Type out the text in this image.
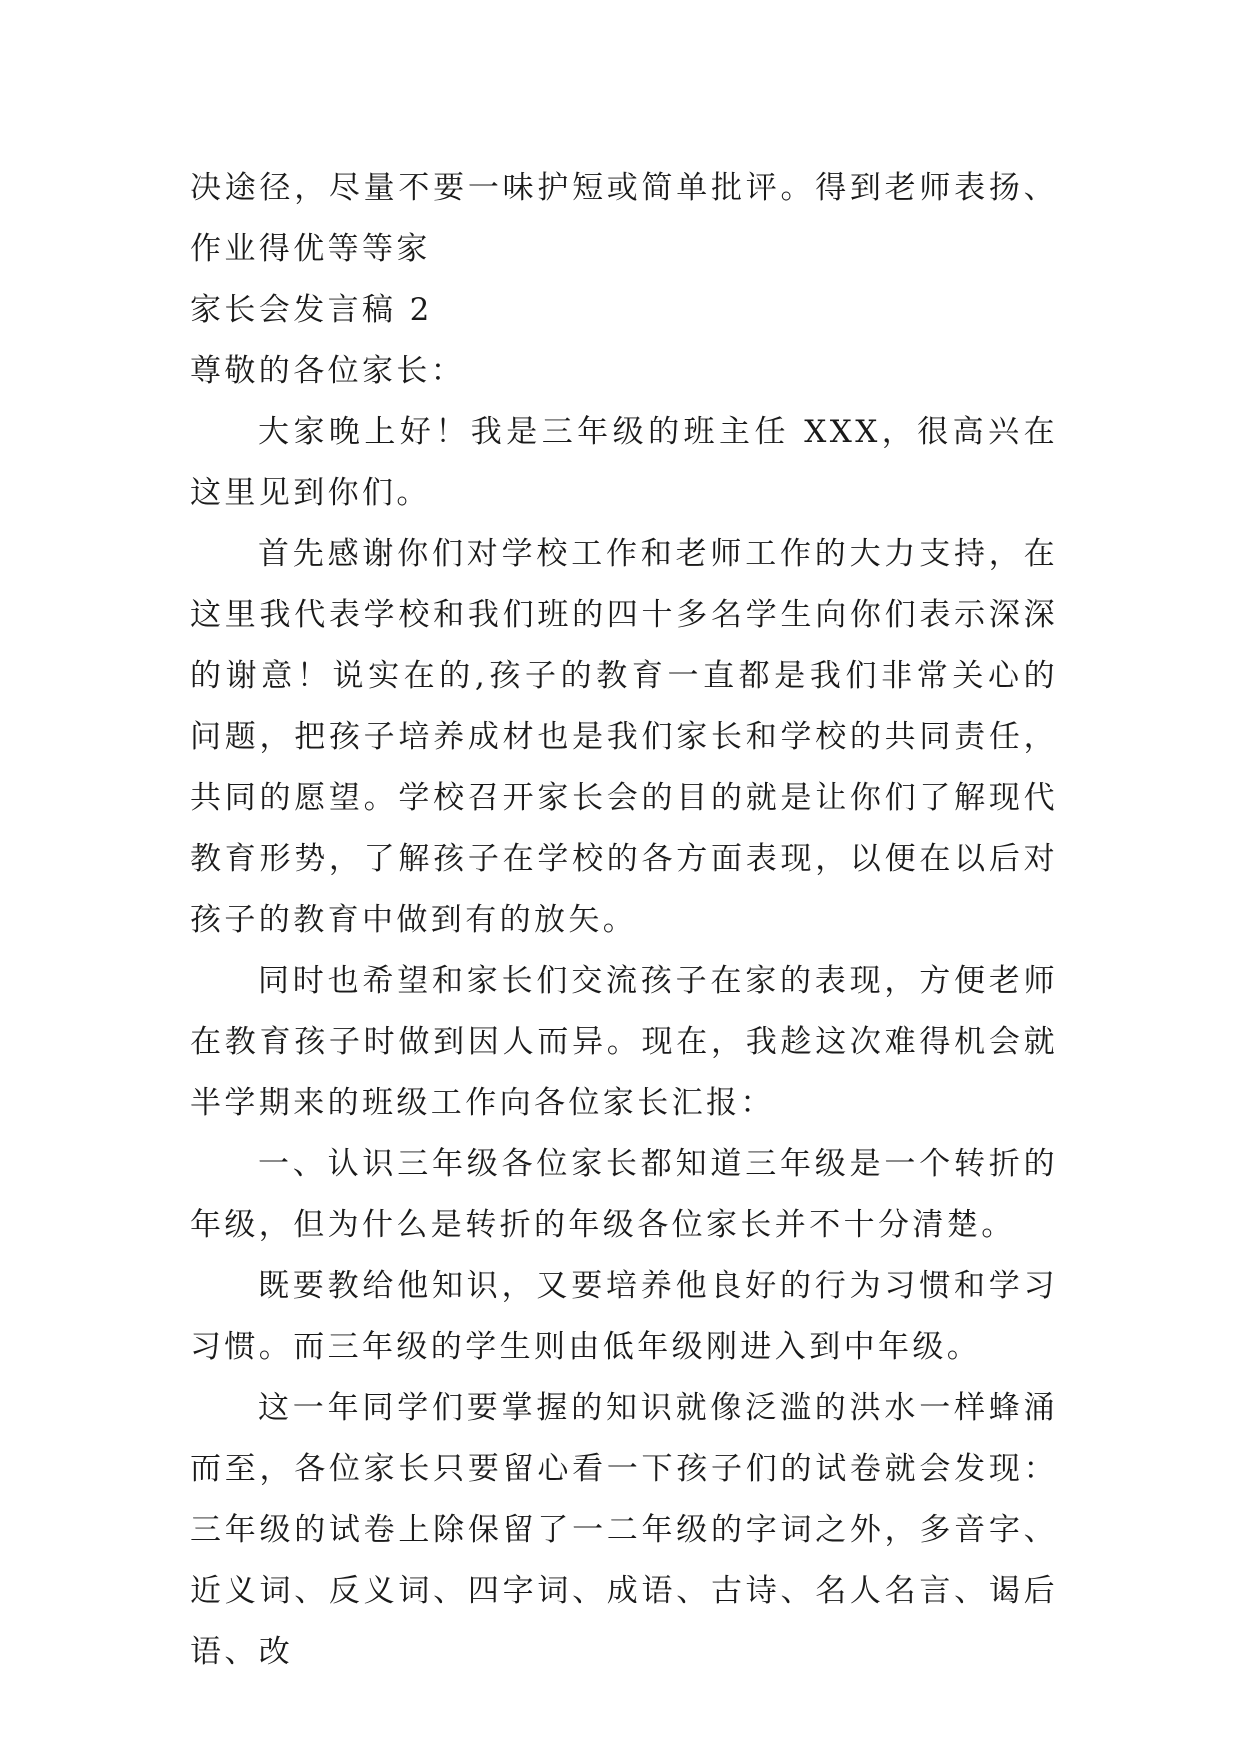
决途径，尽量不要一味护短或简单批评。得到老师表扬、作业得优等等家

家长会发言稿 2

尊敬的各位家长：

大家晚上好！我是三年级的班主任 XXX，很高兴在这里见到你们。

首先感谢你们对学校工作和老师工作的大力支持，在这里我代表学校和我们班的四十多名学生向你们表示深深的谢意！说实在的,孩子的教育一直都是我们非常关心的问题，把孩子培养成材也是我们家长和学校的共同责任，共同的愿望。学校召开家长会的目的就是让你们了解现代教育形势，了解孩子在学校的各方面表现，以便在以后对孩子的教育中做到有的放矢。

同时也希望和家长们交流孩子在家的表现，方便老师在教育孩子时做到因人而异。现在，我趁这次难得机会就半学期来的班级工作向各位家长汇报：

一、认识三年级各位家长都知道三年级是一个转折的年级，但为什么是转折的年级各位家长并不十分清楚。

既要教给他知识，又要培养他良好的行为习惯和学习习惯。而三年级的学生则由低年级刚进入到中年级。

这一年同学们要掌握的知识就像泛滥的洪水一样蜂涌而至，各位家长只要留心看一下孩子们的试卷就会发现：三年级的试卷上除保留了一二年级的字词之外，多音字、近义词、反义词、四字词、成语、古诗、名人名言、谒后语、改
